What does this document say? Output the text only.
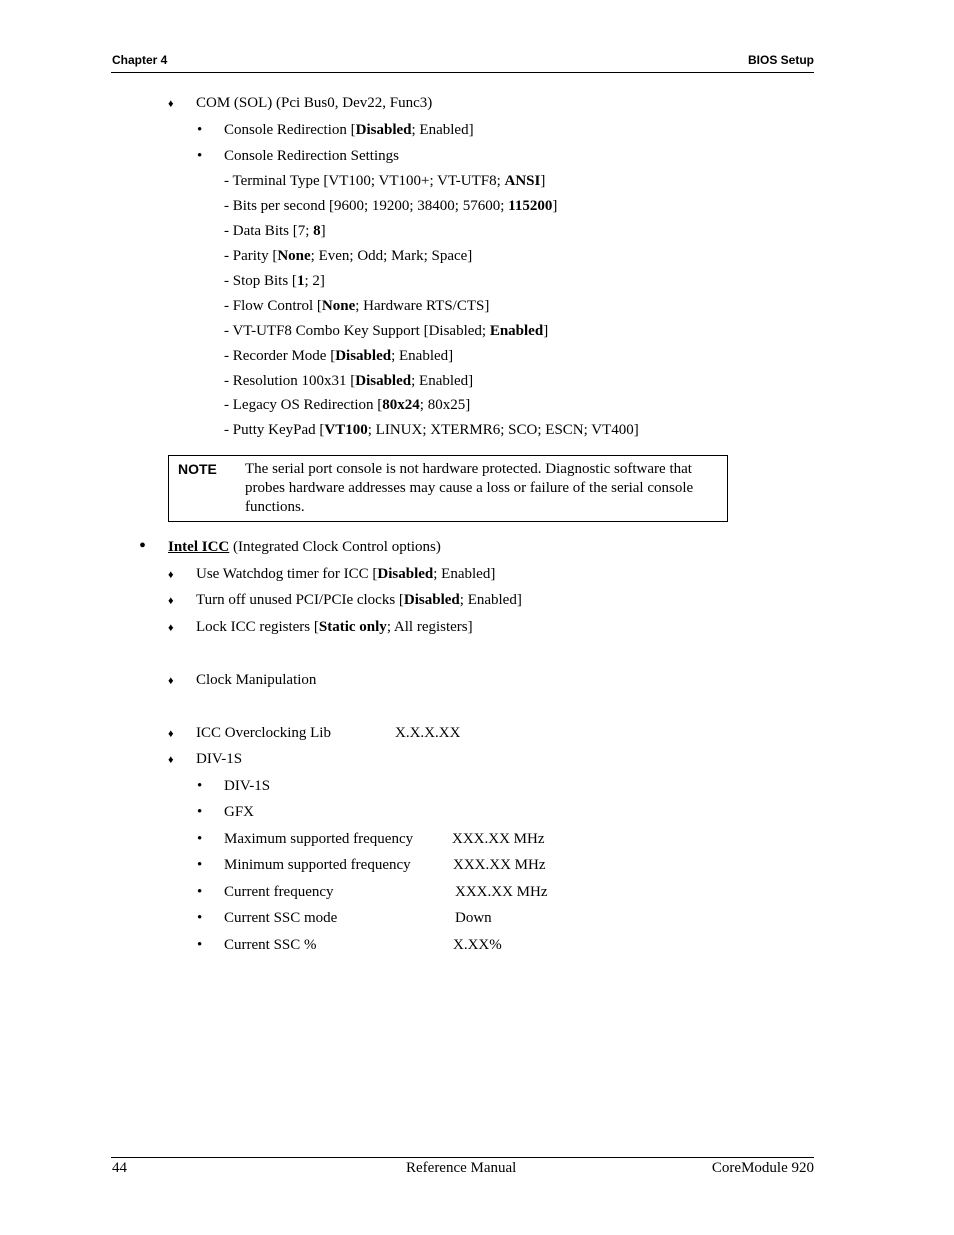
Chapter 4	BIOS Setup
♦ COM (SOL) (Pci Bus0, Dev22, Func3)
• Console Redirection [Disabled; Enabled]
• Console Redirection Settings
- Terminal Type [VT100; VT100+; VT-UTF8; ANSI]
- Bits per second [9600; 19200; 38400; 57600; 115200]
- Data Bits [7; 8]
- Parity [None; Even; Odd; Mark; Space]
- Stop Bits [1; 2]
- Flow Control [None; Hardware RTS/CTS]
- VT-UTF8 Combo Key Support [Disabled; Enabled]
- Recorder Mode [Disabled; Enabled]
- Resolution 100x31 [Disabled; Enabled]
- Legacy OS Redirection [80x24; 80x25]
- Putty KeyPad [VT100; LINUX; XTERMR6; SCO; ESCN; VT400]
NOTE The serial port console is not hardware protected. Diagnostic software that probes hardware addresses may cause a loss or failure of the serial console functions.
• Intel ICC (Integrated Clock Control options)
♦ Use Watchdog timer for ICC [Disabled; Enabled]
♦ Turn off unused PCI/PCIe clocks [Disabled; Enabled]
♦ Lock ICC registers [Static only; All registers]
♦ Clock Manipulation
♦ ICC Overclocking Lib	X.X.X.XX
♦ DIV-1S
• DIV-1S
• GFX
• Maximum supported frequency	XXX.XX MHz
• Minimum supported frequency	XXX.XX MHz
• Current frequency	XXX.XX MHz
• Current SSC mode	Down
• Current SSC %	X.XX%
44	Reference Manual	CoreModule 920
